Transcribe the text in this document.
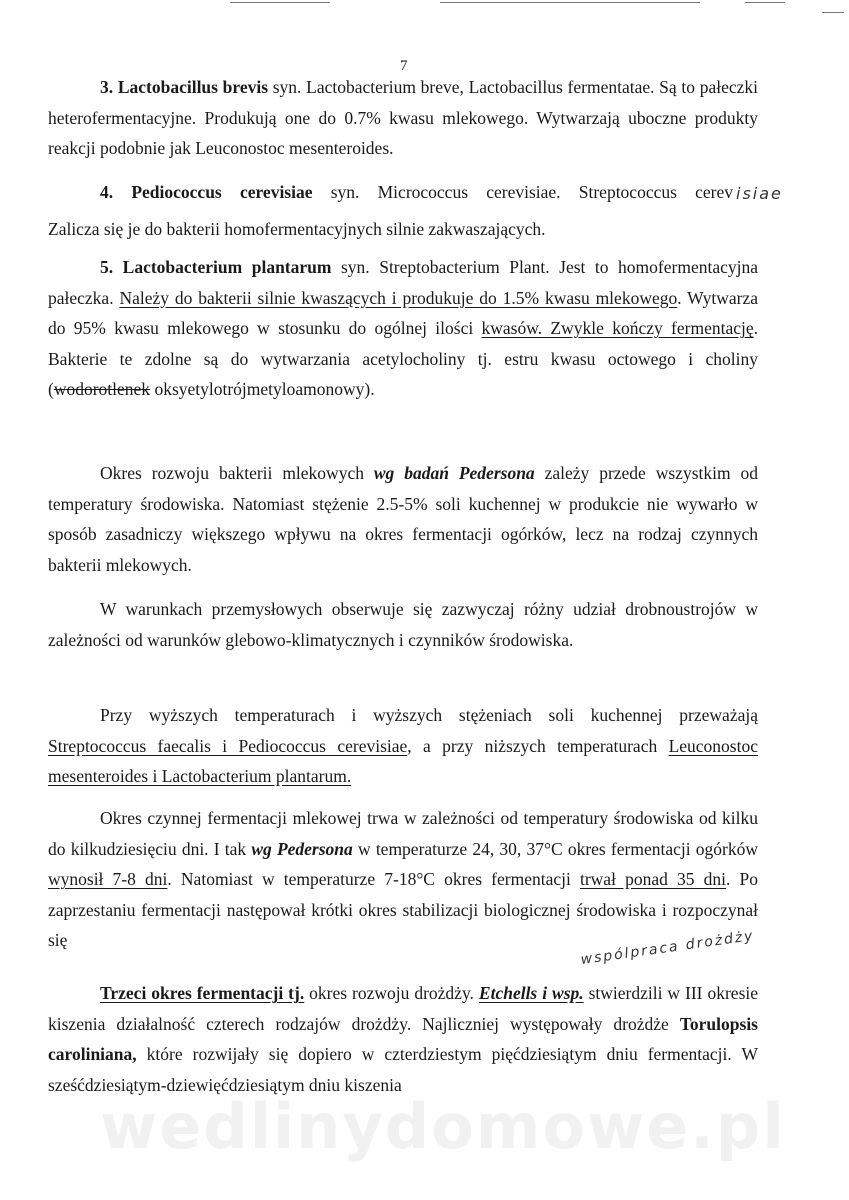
wedlinydomowe.pl
7
3. Lactobacillus brevis syn. Lactobacterium breve, Lactobacillus fermentatae. Są to pałeczki heterofermentacyjne. Produkują one do 0.7% kwasu mlekowego. Wytwarzają uboczne produkty reakcji podobnie jak Leuconostoc mesenteroides.
4. Pediococcus cerevisiae syn. Micrococcus cerevisiae. Streptococcus cerev isiae
Zalicza się je do bakterii homofermentacyjnych silnie zakwaszających.
5. Lactobacterium plantarum syn. Streptobacterium Plant. Jest to homofermentacyjna pałeczka. Należy do bakterii silnie kwaszących i produkuje do 1.5% kwasu mlekowego. Wytwarza do 95% kwasu mlekowego w stosunku do ogólnej ilości kwasów. Zwykle kończy fermentację. Bakterie te zdolne są do wytwarzania acetylocholiny tj. estru kwasu octowego i choliny (wodorotlenek oksyetylotrójmetyloamonowy).
Okres rozwoju bakterii mlekowych wg badań Pedersona zależy przede wszystkim od temperatury środowiska. Natomiast stężenie 2.5-5% soli kuchennej w produkcie nie wywarło w sposób zasadniczy większego wpływu na okres fermentacji ogórków, lecz na rodzaj czynnych bakterii mlekowych.
W warunkach przemysłowych obserwuje się zazwyczaj różny udział drobnoustrojów w zależności od warunków glebowo-klimatycznych i czynników środowiska.
Przy wyższych temperaturach i wyższych stężeniach soli kuchennej przeważają Streptococcus faecalis i Pediococcus cerevisiae, a przy niższych temperaturach Leuconostoc mesenteroides i Lactobacterium plantarum.
Okres czynnej fermentacji mlekowej trwa w zależności od temperatury środowiska od kilku do kilkudziesięciu dni. I tak wg Pedersona w temperaturze 24, 30, 37°C okres fermentacji ogórków wynosił 7-8 dni. Natomiast w temperaturze 7-18°C okres fermentacji trwał ponad 35 dni. Po zaprzestaniu fermentacji następował krótki okres stabilizacji biologicznej środowiska i rozpoczynał się	wspólpraca drożdży
Trzeci okres fermentacji tj. okres rozwoju drożdży. Etchells i wsp. stwierdzili w III okresie kiszenia działalność czterech rodzajów drożdży. Najliczniej występowały drożdże Torulopsis caroliniana, które rozwijały się dopiero w czterdziestym pięćdziesiątym dniu fermentacji. W sześćdziesiątym-dziewięćdziesiątym dniu kiszenia
